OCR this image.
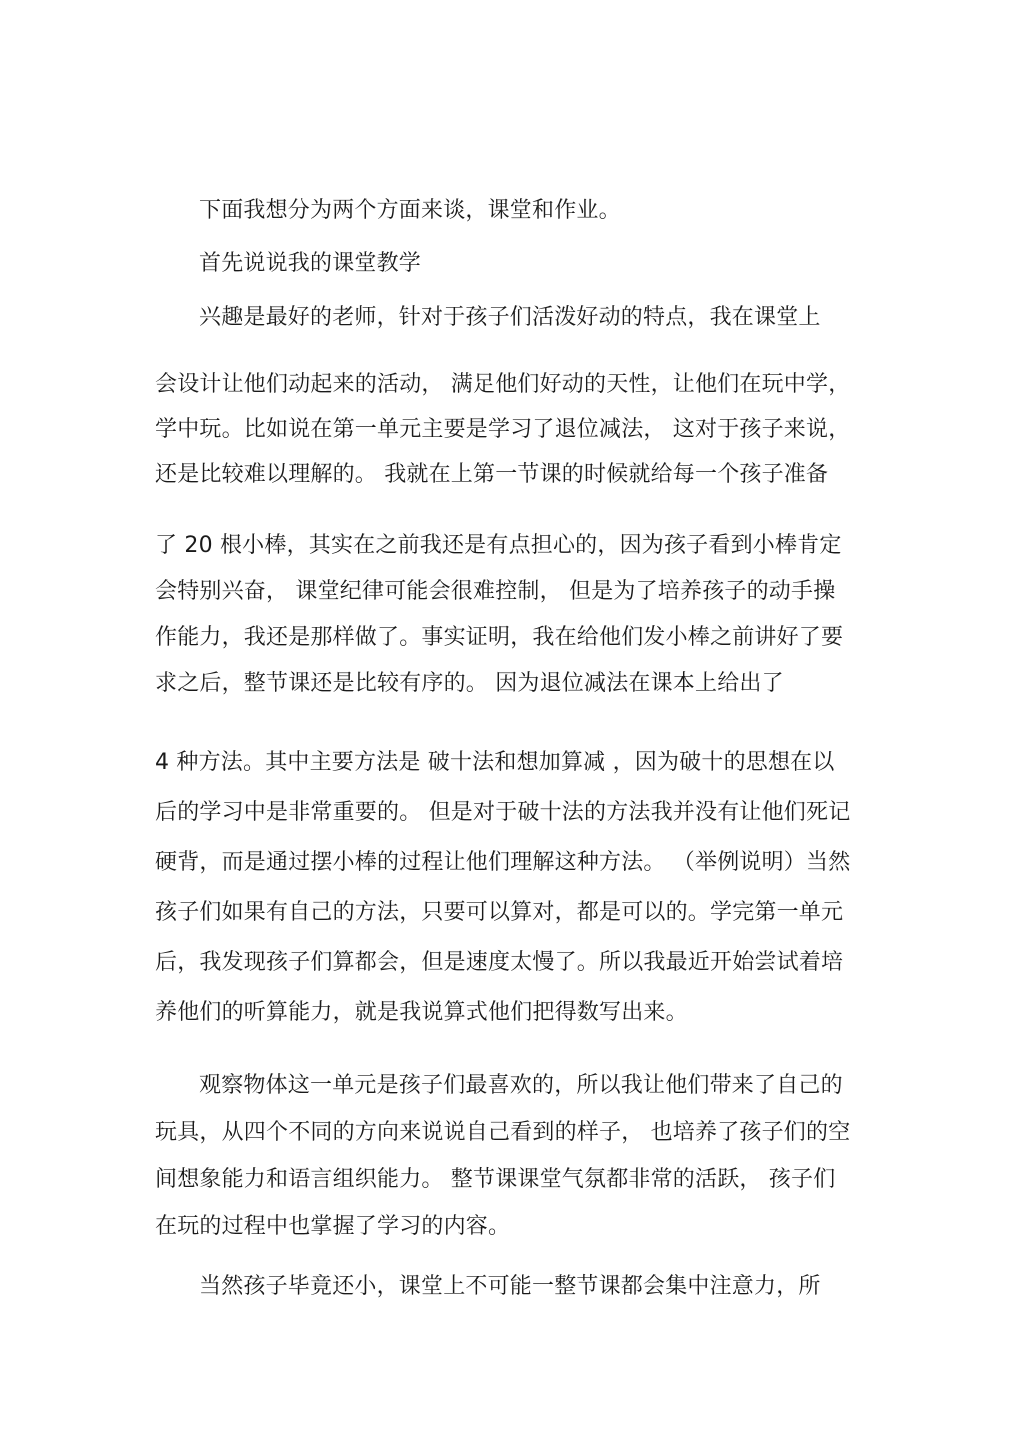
下面我想分为两个方面来谈，课堂和作业。
首先说说我的课堂教学
兴趣是最好的老师，针对于孩子们活泼好动的特点，我在课堂上
会设计让他们动起来的活动， 满足他们好动的天性，让他们在玩中学，
学中玩。比如说在第一单元主要是学习了退位减法， 这对于孩子来说，
还是比较难以理解的。 我就在上第一节课的时候就给每一个孩子准备
了 20 根小棒，其实在之前我还是有点担心的，因为孩子看到小棒肯定
会特别兴奋， 课堂纪律可能会很难控制， 但是为了培养孩子的动手操
作能力，我还是那样做了。事实证明，我在给他们发小棒之前讲好了要
求之后，整节课还是比较有序的。 因为退位减法在课本上给出了
4 种方法。其中主要方法是 破十法和想加算减 ，因为破十的思想在以
后的学习中是非常重要的。 但是对于破十法的方法我并没有让他们死记
硬背，而是通过摆小棒的过程让他们理解这种方法。 （举例说明）当然
孩子们如果有自己的方法，只要可以算对，都是可以的。学完第一单元
后，我发现孩子们算都会，但是速度太慢了。所以我最近开始尝试着培
养他们的听算能力，就是我说算式他们把得数写出来。
观察物体这一单元是孩子们最喜欢的，所以我让他们带来了自己的
玩具，从四个不同的方向来说说自己看到的样子， 也培养了孩子们的空
间想象能力和语言组织能力。 整节课课堂气氛都非常的活跃， 孩子们
在玩的过程中也掌握了学习的内容。
当然孩子毕竟还小，课堂上不可能一整节课都会集中注意力，所
